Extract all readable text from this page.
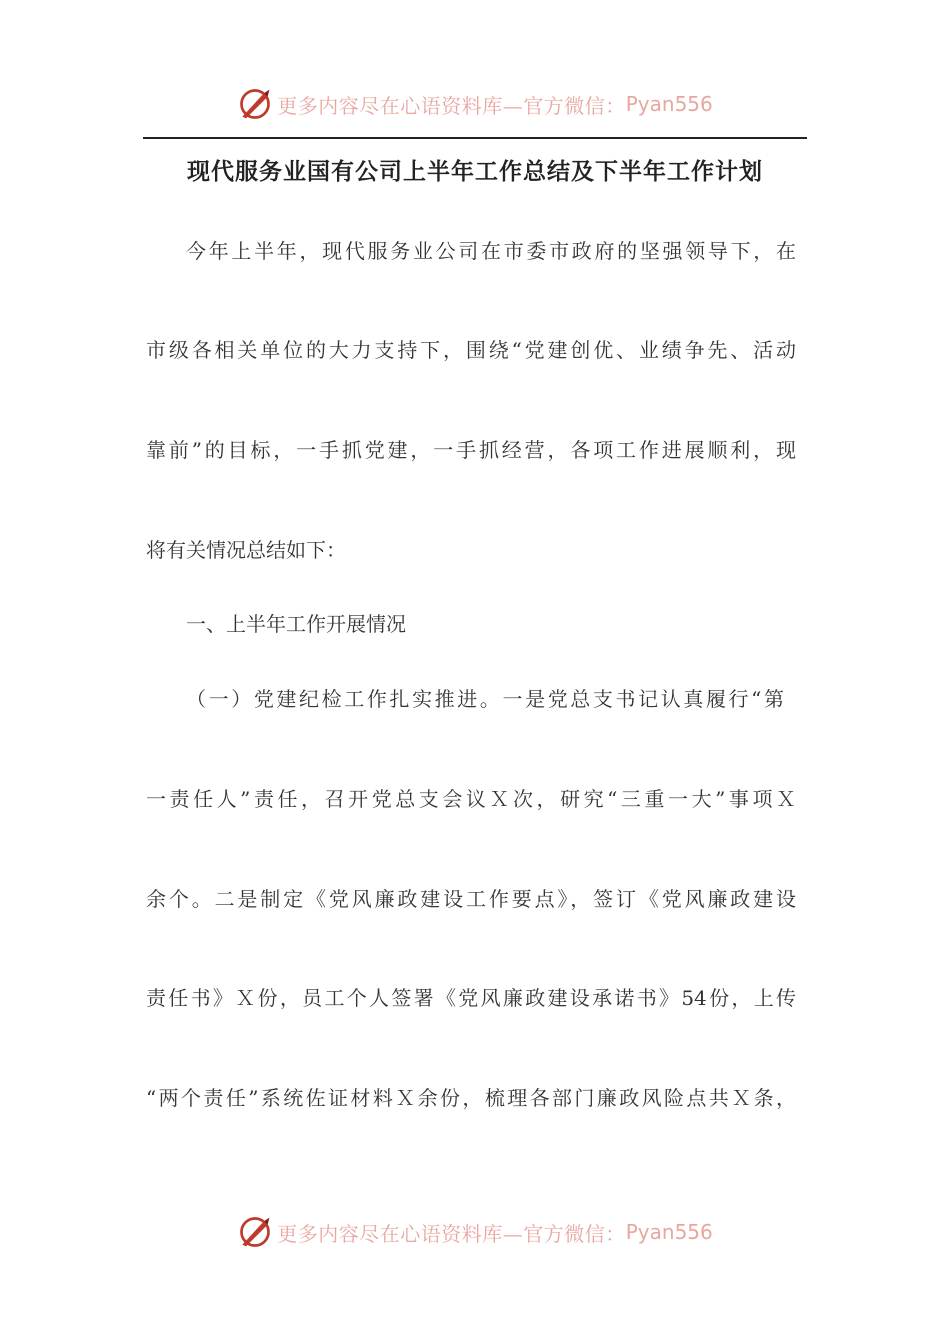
更多内容尽在心语资料库—官方微信： Pyan556
现代服务业国有公司上半年工作总结及下半年工作计划
今年上半年，现代服务业公司在市委市政府的坚强领导下，在
市级各相关单位的大力支持下，围绕“党建创优、业绩争先、活动
靠前”的目标，一手抓党建，一手抓经营，各项工作进展顺利，现
将有关情况总结如下：
一、上半年工作开展情况
（一）党建纪检工作扎实推进。一是党总支书记认真履行“第
一责任人”责任，召开党总支会议Ｘ次，研究“三重一大”事项Ｘ
余个。二是制定《党风廉政建设工作要点》，签订《党风廉政建设
责任书》Ｘ份，员工个人签署《党风廉政建设承诺书》54份，上传
“两个责任”系统佐证材料Ｘ余份，梳理各部门廉政风险点共Ｘ条，
更多内容尽在心语资料库—官方微信： Pyan556
